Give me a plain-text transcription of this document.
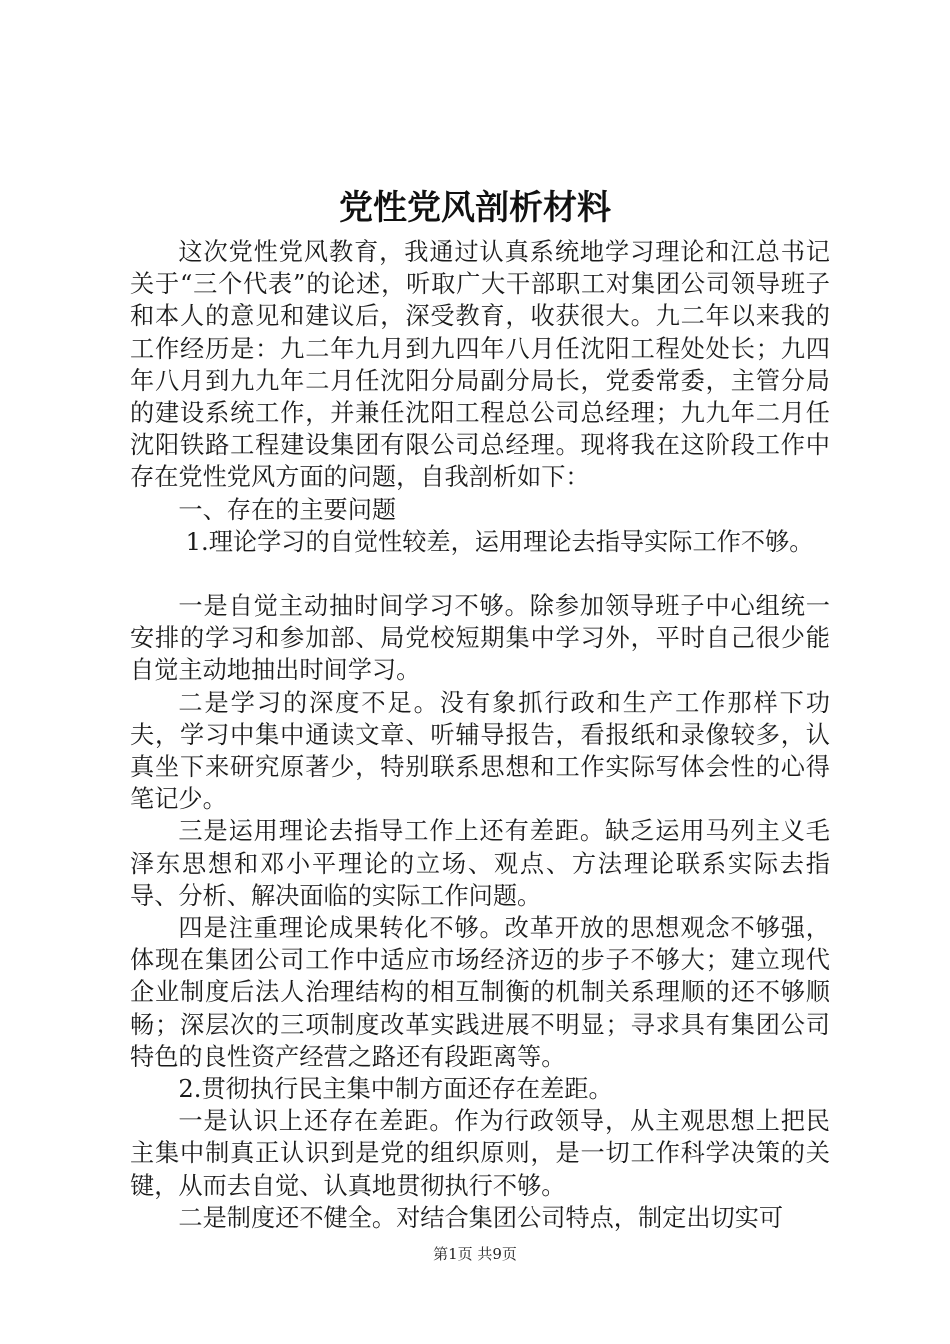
党性党风剖析材料

这次党性党风教育，我通过认真系统地学习理论和江总书记关于“三个代表”的论述，听取广大干部职工对集团公司领导班子和本人的意见和建议后，深受教育，收获很大。九二年以来我的工作经历是：九二年九月到九四年八月任沈阳工程处处长；九四年八月到九九年二月任沈阳分局副分局长，党委常委，主管分局的建设系统工作，并兼任沈阳工程总公司总经理；九九年二月任沈阳铁路工程建设集团有限公司总经理。现将我在这阶段工作中存在党性党风方面的问题，自我剖析如下：

一、存在的主要问题

1.理论学习的自觉性较差，运用理论去指导实际工作不够。

一是自觉主动抽时间学习不够。除参加领导班子中心组统一安排的学习和参加部、局党校短期集中学习外，平时自己很少能自觉主动地抽出时间学习。

二是学习的深度不足。没有象抓行政和生产工作那样下功夫，学习中集中通读文章、听辅导报告，看报纸和录像较多，认真坐下来研究原著少，特别联系思想和工作实际写体会性的心得笔记少。

三是运用理论去指导工作上还有差距。缺乏运用马列主义毛泽东思想和邓小平理论的立场、观点、方法理论联系实际去指导、分析、解决面临的实际工作问题。

四是注重理论成果转化不够。改革开放的思想观念不够强，体现在集团公司工作中适应市场经济迈的步子不够大；建立现代企业制度后法人治理结构的相互制衡的机制关系理顺的还不够顺畅；深层次的三项制度改革实践进展不明显；寻求具有集团公司特色的良性资产经营之路还有段距离等。

2.贯彻执行民主集中制方面还存在差距。

一是认识上还存在差距。作为行政领导，从主观思想上把民主集中制真正认识到是党的组织原则，是一切工作科学决策的关键，从而去自觉、认真地贯彻执行不够。

二是制度还不健全。对结合集团公司特点，制定出切实可

第1页 共9页
